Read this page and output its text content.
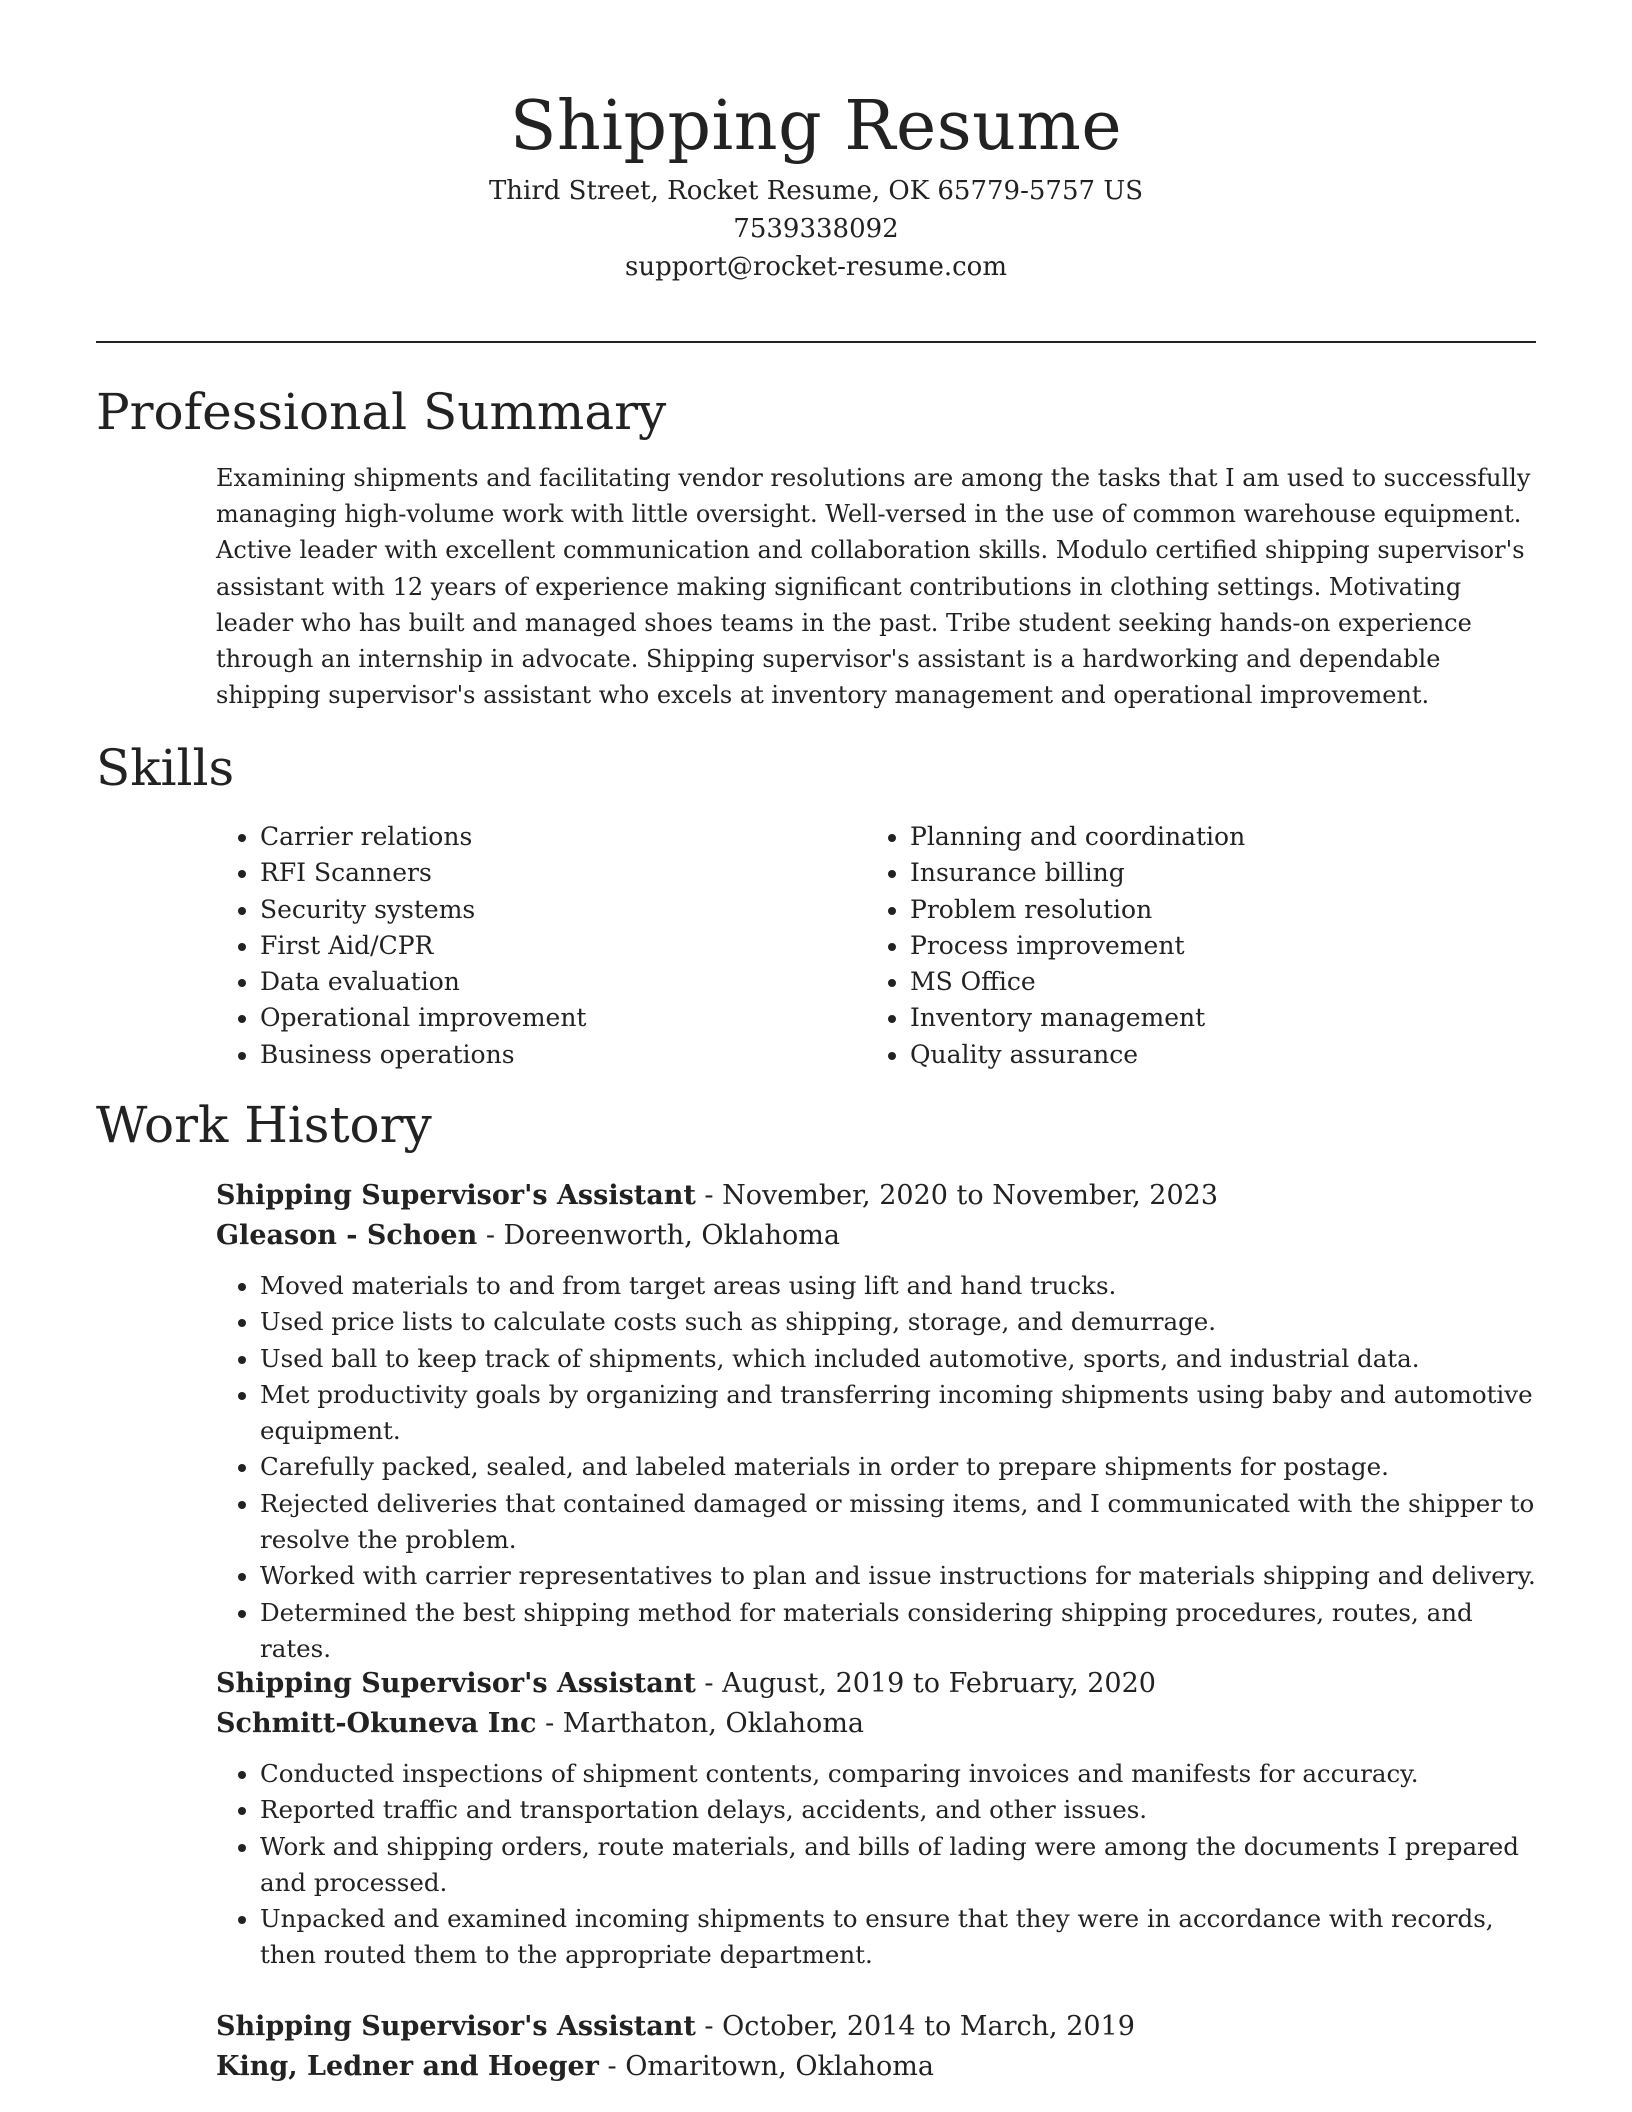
Shipping Resume
Third Street, Rocket Resume, OK 65779-5757 US
7539338092
support@rocket-resume.com
Professional Summary

Examining shipments and facilitating vendor resolutions are among the tasks that I am used to successfully managing high-volume work with little oversight. Well-versed in the use of common warehouse equipment. Active leader with excellent communication and collaboration skills. Modulo certified shipping supervisor's assistant with 12 years of experience making significant contributions in clothing settings. Motivating leader who has built and managed shoes teams in the past. Tribe student seeking hands-on experience through an internship in advocate. Shipping supervisor's assistant is a hardworking and dependable shipping supervisor's assistant who excels at inventory management and operational improvement.

Skills
• Carrier relations
• RFI Scanners
• Security systems
• First Aid/CPR
• Data evaluation
• Operational improvement
• Business operations
• Planning and coordination
• Insurance billing
• Problem resolution
• Process improvement
• MS Office
• Inventory management
• Quality assurance
Work History
Shipping Supervisor's Assistant - November, 2020 to November, 2023
Gleason - Schoen - Doreenworth, Oklahoma
• Moved materials to and from target areas using lift and hand trucks.
• Used price lists to calculate costs such as shipping, storage, and demurrage.
• Used ball to keep track of shipments, which included automotive, sports, and industrial data.
• Met productivity goals by organizing and transferring incoming shipments using baby and automotive equipment.
• Carefully packed, sealed, and labeled materials in order to prepare shipments for postage.
• Rejected deliveries that contained damaged or missing items, and I communicated with the shipper to resolve the problem.
• Worked with carrier representatives to plan and issue instructions for materials shipping and delivery.
• Determined the best shipping method for materials considering shipping procedures, routes, and rates.
Shipping Supervisor's Assistant - August, 2019 to February, 2020
Schmitt-Okuneva Inc - Marthaton, Oklahoma
• Conducted inspections of shipment contents, comparing invoices and manifests for accuracy.
• Reported traffic and transportation delays, accidents, and other issues.
• Work and shipping orders, route materials, and bills of lading were among the documents I prepared and processed.
• Unpacked and examined incoming shipments to ensure that they were in accordance with records, then routed them to the appropriate department.
Shipping Supervisor's Assistant - October, 2014 to March, 2019
King, Ledner and Hoeger - Omaritown, Oklahoma
